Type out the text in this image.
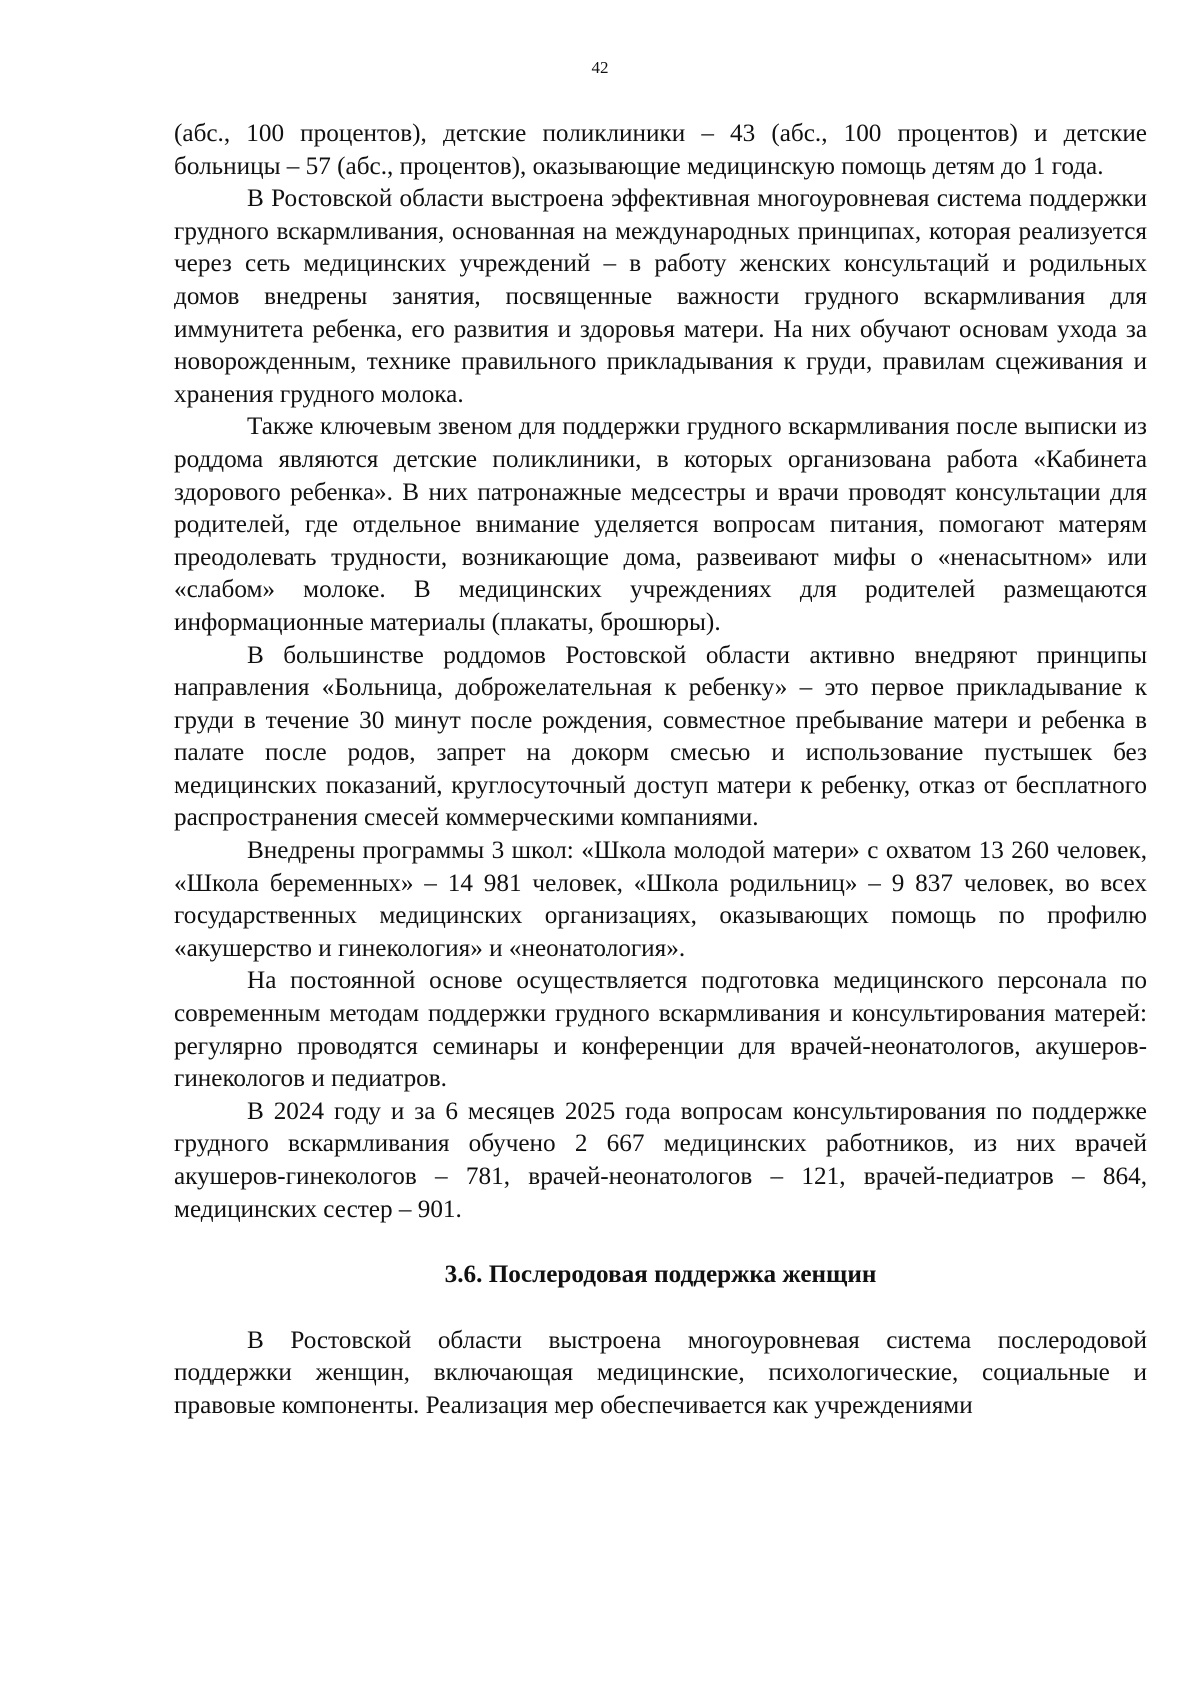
42

(абс., 100 процентов), детские поликлиники – 43 (абс., 100 процентов) и детские больницы – 57 (абс., процентов), оказывающие медицинскую помощь детям до 1 года.

В Ростовской области выстроена эффективная многоуровневая система поддержки грудного вскармливания, основанная на международных принципах, которая реализуется через сеть медицинских учреждений – в работу женских консультаций и родильных домов внедрены занятия, посвященные важности грудного вскармливания для иммунитета ребенка, его развития и здоровья матери. На них обучают основам ухода за новорожденным, технике правильного прикладывания к груди, правилам сцеживания и хранения грудного молока.

Также ключевым звеном для поддержки грудного вскармливания после выписки из роддома являются детские поликлиники, в которых организована работа «Кабинета здорового ребенка». В них патронажные медсестры и врачи проводят консультации для родителей, где отдельное внимание уделяется вопросам питания, помогают матерям преодолевать трудности, возникающие дома, развеивают мифы о «ненасытном» или «слабом» молоке. В медицинских учреждениях для родителей размещаются информационные материалы (плакаты, брошюры).

В большинстве роддомов Ростовской области активно внедряют принципы направления «Больница, доброжелательная к ребенку» – это первое прикладывание к груди в течение 30 минут после рождения, совместное пребывание матери и ребенка в палате после родов, запрет на докорм смесью и использование пустышек без медицинских показаний, круглосуточный доступ матери к ребенку, отказ от бесплатного распространения смесей коммерческими компаниями.

Внедрены программы 3 школ: «Школа молодой матери» с охватом 13 260 человек, «Школа беременных» – 14 981 человек, «Школа родильниц» – 9 837 человек, во всех государственных медицинских организациях, оказывающих помощь по профилю «акушерство и гинекология» и «неонатология».

На постоянной основе осуществляется подготовка медицинского персонала по современным методам поддержки грудного вскармливания и консультирования матерей: регулярно проводятся семинары и конференции для врачей-неонатологов, акушеров-гинекологов и педиатров.

В 2024 году и за 6 месяцев 2025 года вопросам консультирования по поддержке грудного вскармливания обучено 2 667 медицинских работников, из них врачей акушеров-гинекологов – 781, врачей-неонатологов – 121, врачей-педиатров – 864, медицинских сестер – 901.

3.6. Послеродовая поддержка женщин

В Ростовской области выстроена многоуровневая система послеродовой поддержки женщин, включающая медицинские, психологические, социальные и правовые компоненты. Реализация мер обеспечивается как учреждениями
